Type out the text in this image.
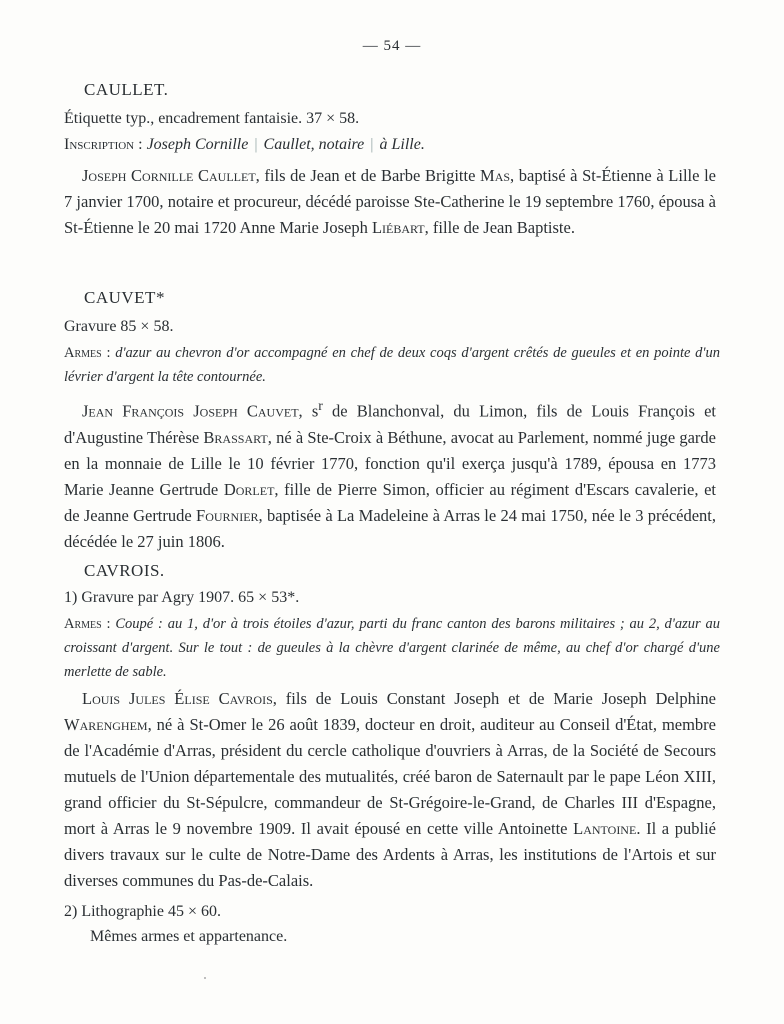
— 54 —
CAULLET.
Étiquette typ., encadrement fantaisie. 37 × 58.
Inscription : Joseph Cornille | Caullet, notaire | à Lille.
Joseph Cornille Caullet, fils de Jean et de Barbe Brigitte Mas, baptisé à St-Étienne à Lille le 7 janvier 1700, notaire et procureur, décédé paroisse Ste-Catherine le 19 septembre 1760, épousa à St-Étienne le 20 mai 1720 Anne Marie Joseph Liébart, fille de Jean Baptiste.
CAUVET*
Gravure 85 × 58.
Armes : d'azur au chevron d'or accompagné en chef de deux coqs d'argent crêtés de gueules et en pointe d'un lévrier d'argent la tête contournée.
Jean François Joseph Cauvet, $s^r$ de Blanchonval, du Limon, fils de Louis François et d'Augustine Thérèse Brassart, né à Ste-Croix à Béthune, avocat au Parlement, nommé juge garde en la monnaie de Lille le 10 février 1770, fonction qu'il exerça jusqu'à 1789, épousa en 1773 Marie Jeanne Gertrude Dorlet, fille de Pierre Simon, officier au régiment d'Escars cavalerie, et de Jeanne Gertrude Fournier, baptisée à La Madeleine à Arras le 24 mai 1750, née le 3 précédent, décédée le 27 juin 1806.
CAVROIS.
1) Gravure par Agry 1907. 65 × 53*.
Armes : Coupé : au 1, d'or à trois étoiles d'azur, parti du franc canton des barons militaires ; au 2, d'azur au croissant d'argent. Sur le tout : de gueules à la chèvre d'argent clarinée de même, au chef d'or chargé d'une merlette de sable.
Louis Jules Élise Cavrois, fils de Louis Constant Joseph et de Marie Joseph Delphine Warenghem, né à St-Omer le 26 août 1839, docteur en droit, auditeur au Conseil d'État, membre de l'Académie d'Arras, président du cercle catholique d'ouvriers à Arras, de la Société de Secours mutuels de l'Union départementale des mutualités, créé baron de Saternault par le pape Léon XIII, grand officier du St-Sépulcre, commandeur de St-Grégoire-le-Grand, de Charles III d'Espagne, mort à Arras le 9 novembre 1909. Il avait épousé en cette ville Antoinette Lantoine. Il a publié divers travaux sur le culte de Notre-Dame des Ardents à Arras, les institutions de l'Artois et sur diverses communes du Pas-de-Calais.
2) Lithographie 45 × 60.
Mêmes armes et appartenance.
